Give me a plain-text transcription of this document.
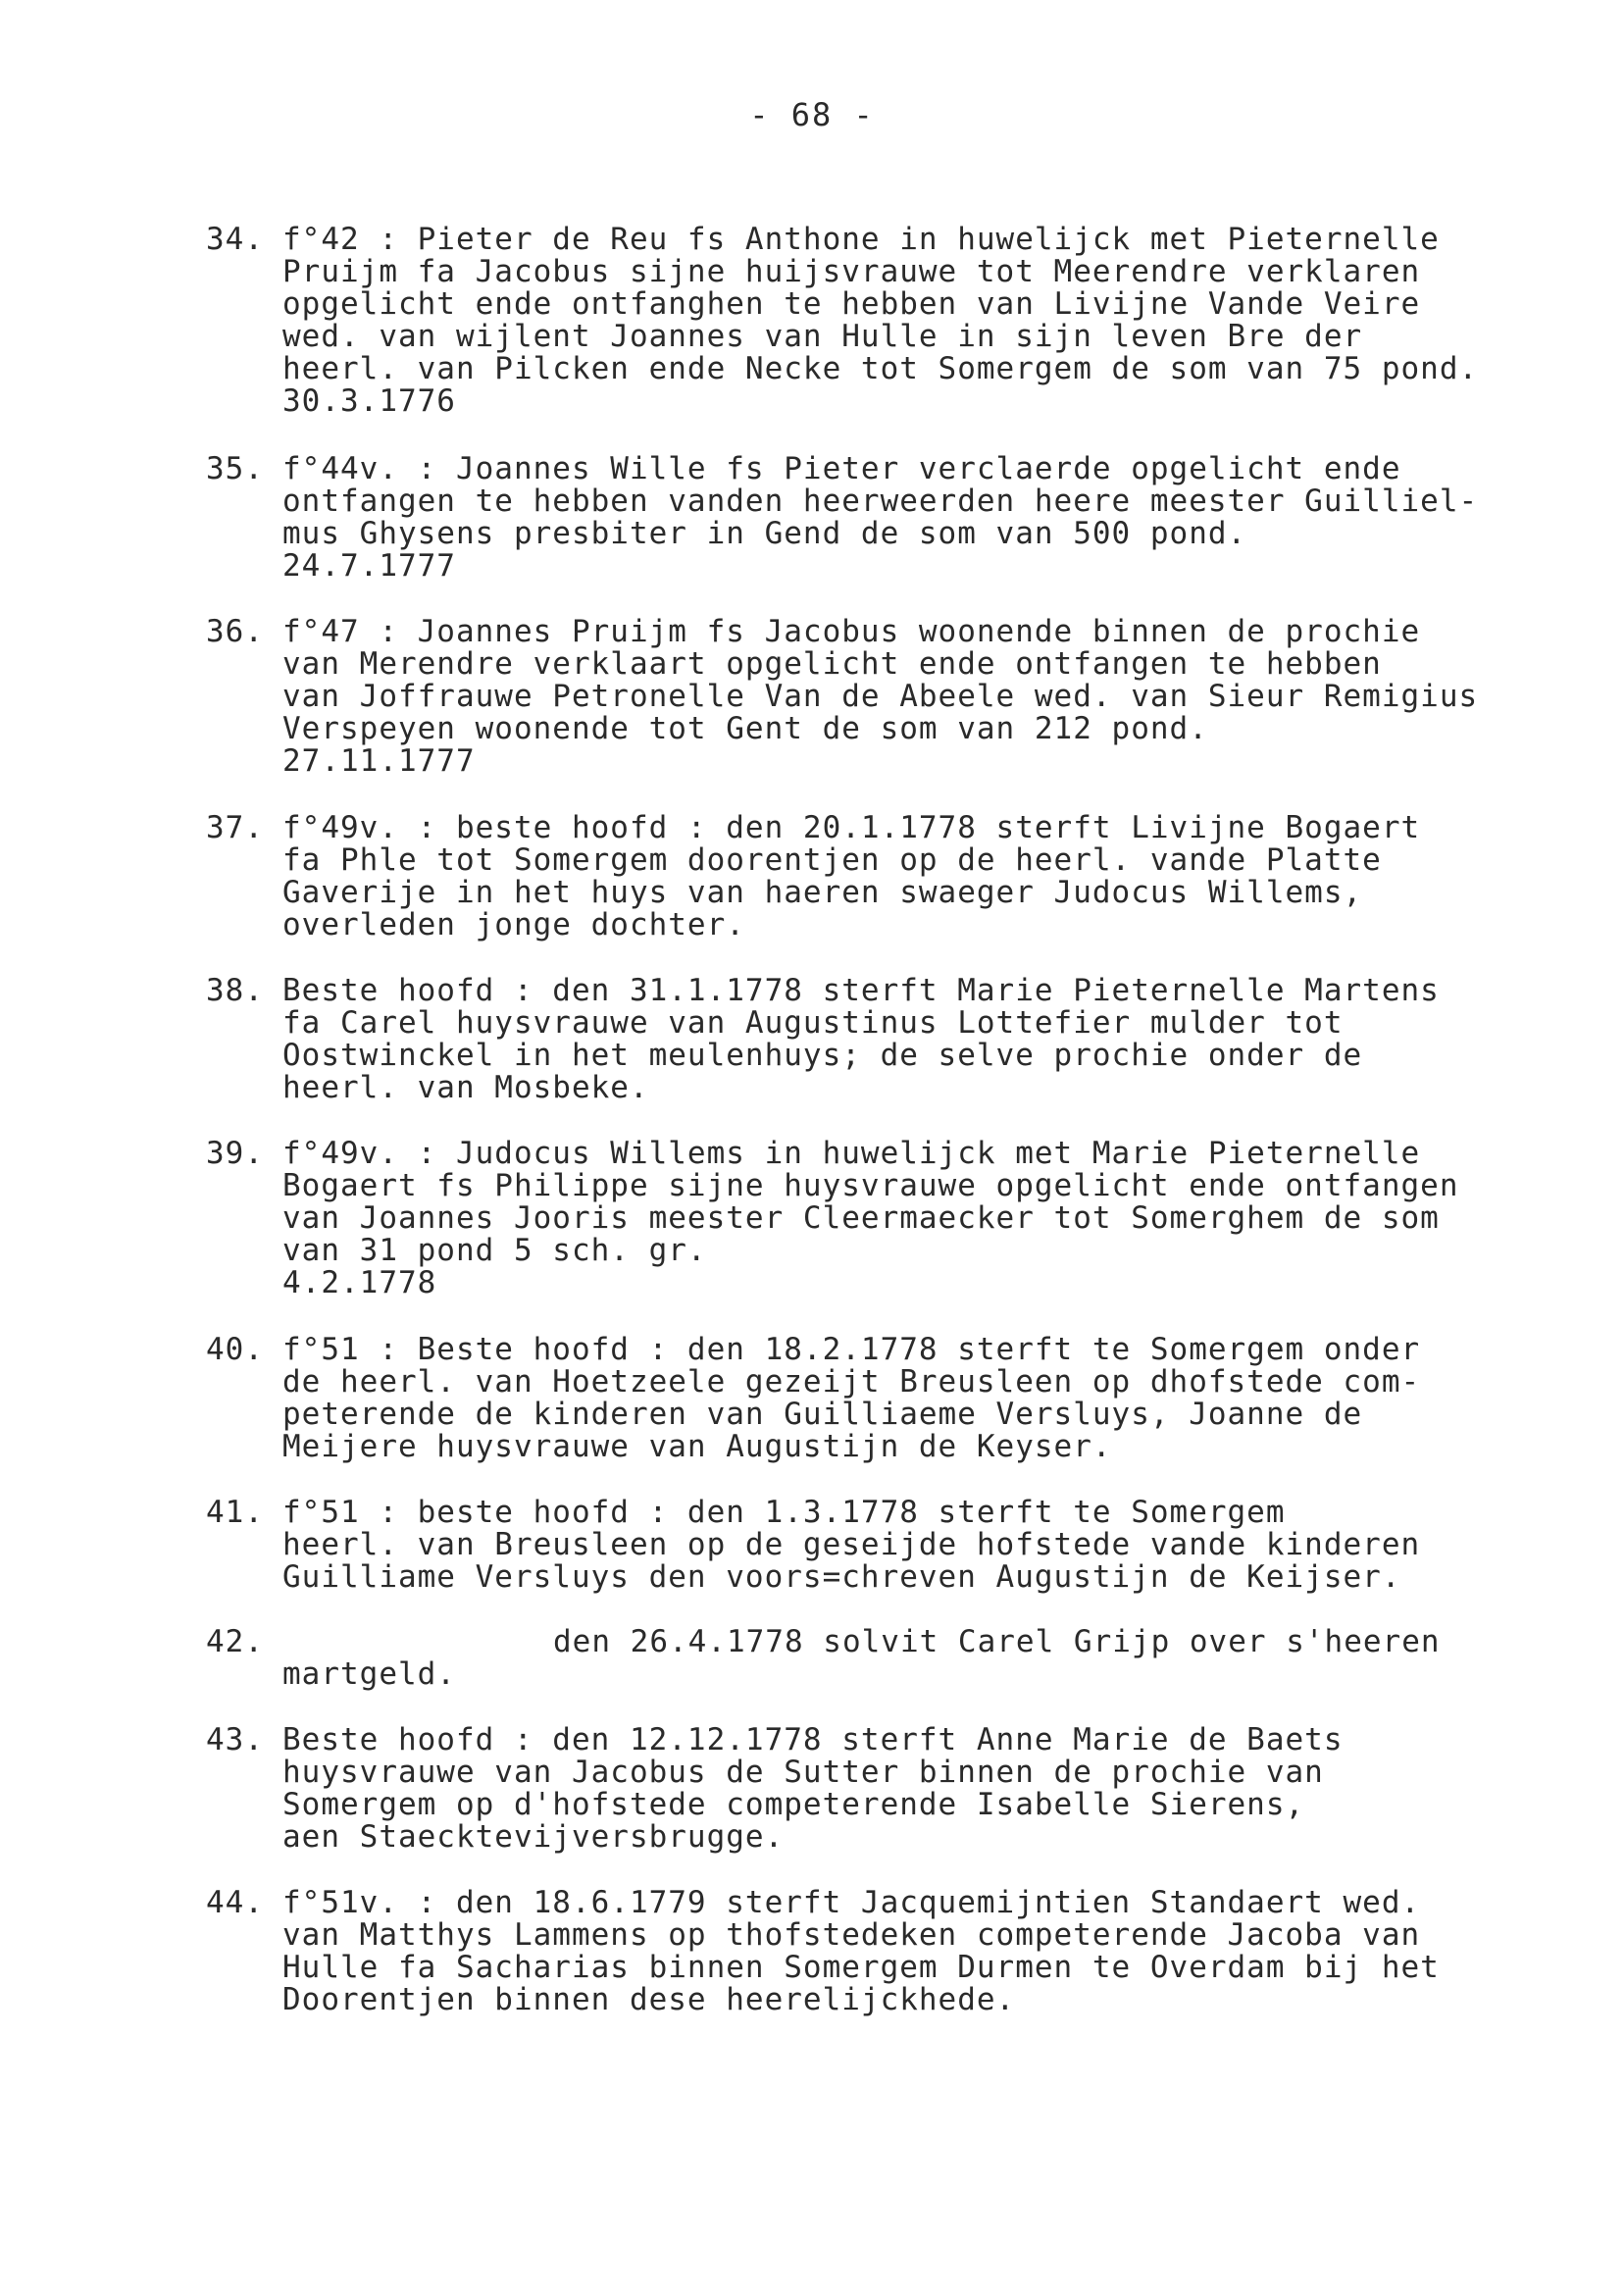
- 68 -
34. f°42 : Pieter de Reu fs Anthone in huwelijck met Pieternelle
Pruijm fa Jacobus sijne huijsvrauwe tot Meerendre verklaren
opgelicht ende ontfanghen te hebben van Livijne Vande Veire
wed. van wijlent Joannes van Hulle in sijn leven Bre der
heerl. van Pilcken ende Necke tot Somergem de som van 75 pond.
30.3.1776
35. f°44v. : Joannes Wille fs Pieter verclaerde opgelicht ende
ontfangen te hebben vanden heerweerden heere meester Guilliel-
mus Ghysens presbiter in Gend de som van 500 pond.
24.7.1777
36. f°47 : Joannes Pruijm fs Jacobus woonende binnen de prochie
van Merendre verklaart opgelicht ende ontfangen te hebben
van Joffrauwe Petronelle Van de Abeele wed. van Sieur Remigius
Verspeyen woonende tot Gent de som van 212 pond.
27.11.1777
37. f°49v. : beste hoofd : den 20.1.1778 sterft Livijne Bogaert
fa Phle tot Somergem doorentjen op de heerl. vande Platte
Gaverije in het huys van haeren swaeger Judocus Willems,
overleden jonge dochter.
38. Beste hoofd : den 31.1.1778 sterft Marie Pieternelle Martens
fa Carel huysvrauwe van Augustinus Lottefier mulder tot
Oostwinckel in het meulenhuys; de selve prochie onder de
heerl. van Mosbeke.
39. f°49v. : Judocus Willems in huwelijck met Marie Pieternelle
Bogaert fs Philippe sijne huysvrauwe opgelicht ende ontfangen
van Joannes Jooris meester Cleermaecker tot Somerghem de som
van 31 pond 5 sch. gr.
4.2.1778
40. f°51 : Beste hoofd : den 18.2.1778 sterft te Somergem onder
de heerl. van Hoetzeele gezeijt Breusleen op dhofstede com-
peterende de kinderen van Guilliaeme Versluys, Joanne de
Meijere huysvrauwe van Augustijn de Keyser.
41. f°51 : beste hoofd : den 1.3.1778 sterft te Somergem
heerl. van Breusleen op de geseijde hofstede vande kinderen
Guilliame Versluys den voors=chreven Augustijn de Keijser.
42.	den 26.4.1778 solvit Carel Grijp over s'heeren
martgeld.
43. Beste hoofd : den 12.12.1778 sterft Anne Marie de Baets
huysvrauwe van Jacobus de Sutter binnen de prochie van
Somergem op d'hofstede competerende Isabelle Sierens,
aen Staecktevijversbrugge.
44. f°51v. : den 18.6.1779 sterft Jacquemijntien Standaert wed.
van Matthys Lammens op thofstedeken competerende Jacoba van
Hulle fa Sacharias binnen Somergem Durmen te Overdam bij het
Doorentjen binnen dese heerelijckhede.
